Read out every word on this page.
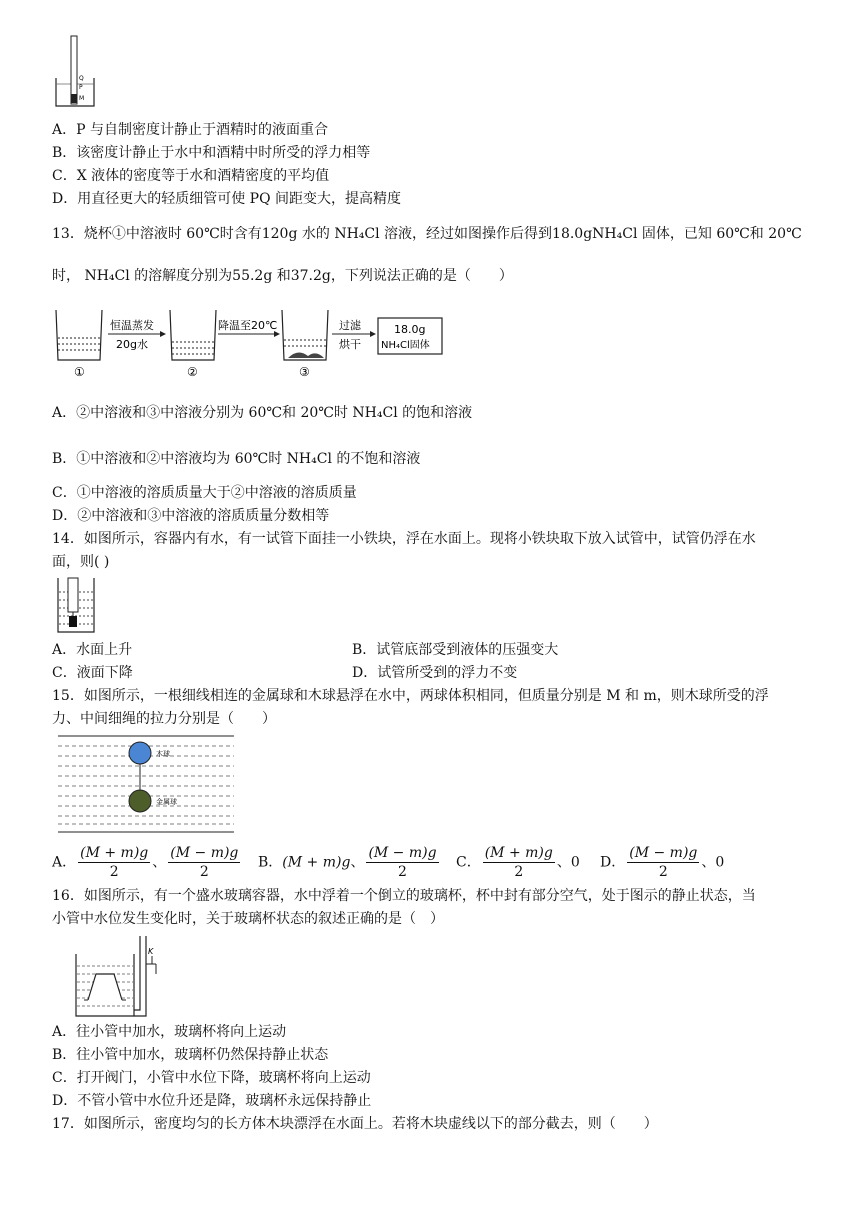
Q
P
M
A．P 与自制密度计静止于酒精时的液面重合
B．该密度计静止于水中和酒精中时所受的浮力相等
C．X 液体的密度等于水和酒精密度的平均值
D．用直径更大的轻质细管可使 PQ 间距变大，提高精度
13．烧杯①中溶液时 60℃时含有120g 水的 NH₄Cl 溶液，经过如图操作后得到18.0gNH₄Cl 固体，已知 60℃和 20℃
时， NH₄Cl 的溶解度分别为55.2g 和37.2g，下列说法正确的是（　　）
恒温蒸发
20g水
降温至20℃	过滤
烘干
18.0g
NH₄Cl固体
①	②	③
A．②中溶液和③中溶液分别为 60℃和 20℃时 NH₄Cl 的饱和溶液
B．①中溶液和②中溶液均为 60℃时 NH₄Cl 的不饱和溶液
C．①中溶液的溶质质量大于②中溶液的溶质质量
D．②中溶液和③中溶液的溶质质量分数相等
14．如图所示，容器内有水，有一试管下面挂一小铁块，浮在水面上。现将小铁块取下放入试管中，试管仍浮在水
面，则( )
A．水面上升	B．试管底部受到液体的压强变大
C．液面下降	D．试管所受到的浮力不变
15．如图所示，一根细线相连的金属球和木球悬浮在水中，两球体积相同，但质量分别是 M 和 m，则木球所受的浮
力、中间细绳的拉力分别是（　　）
木球
金属球
A． $\frac{(M + m)g}{2}$ 、 $\frac{(M - m)g}{2}$ B．(M + m)g、 $\frac{(M - m)g}{2}$ C． $\frac{(M + m)g}{2}$ 、0 D． $\frac{(M - m)g}{2}$ 、0
16．如图所示，有一个盛水玻璃容器，水中浮着一个倒立的玻璃杯，杯中封有部分空气，处于图示的静止状态，当
小管中水位发生变化时，关于玻璃杯状态的叙述正确的是（　）
K
A．往小管中加水，玻璃杯将向上运动
B．往小管中加水，玻璃杯仍然保持静止状态
C．打开阀门，小管中水位下降，玻璃杯将向上运动
D．不管小管中水位升还是降，玻璃杯永远保持静止
17．如图所示，密度均匀的长方体木块漂浮在水面上。若将木块虚线以下的部分截去，则（　　）
